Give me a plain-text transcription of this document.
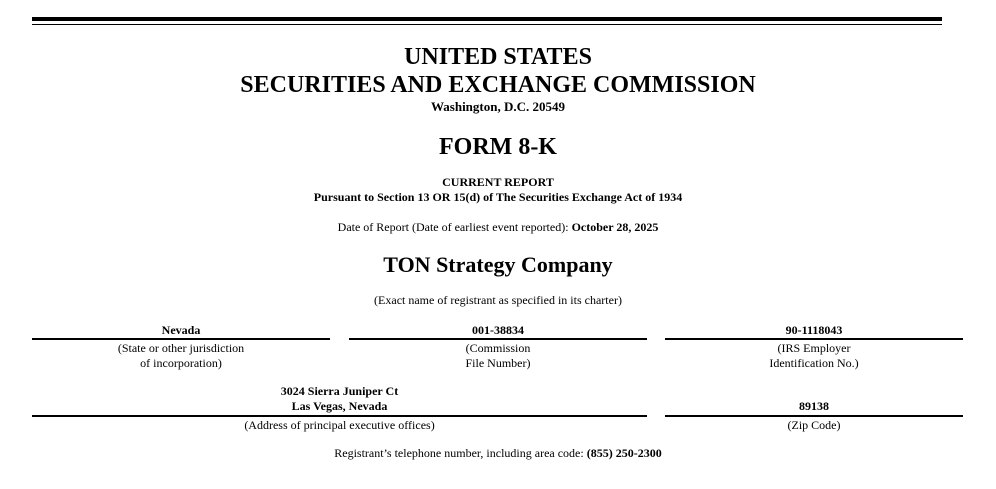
UNITED STATES
SECURITIES AND EXCHANGE COMMISSION
Washington, D.C. 20549
FORM 8-K
CURRENT REPORT
Pursuant to Section 13 OR 15(d) of The Securities Exchange Act of 1934
Date of Report (Date of earliest event reported): October 28, 2025
TON Strategy Company
(Exact name of registrant as specified in its charter)
Nevada
(State or other jurisdiction
of incorporation)
001-38834
(Commission
File Number)
90-1118043
(IRS Employer
Identification No.)
3024 Sierra Juniper Ct
Las Vegas, Nevada
(Address of principal executive offices)
89138
(Zip Code)
Registrant’s telephone number, including area code: (855) 250-2300
